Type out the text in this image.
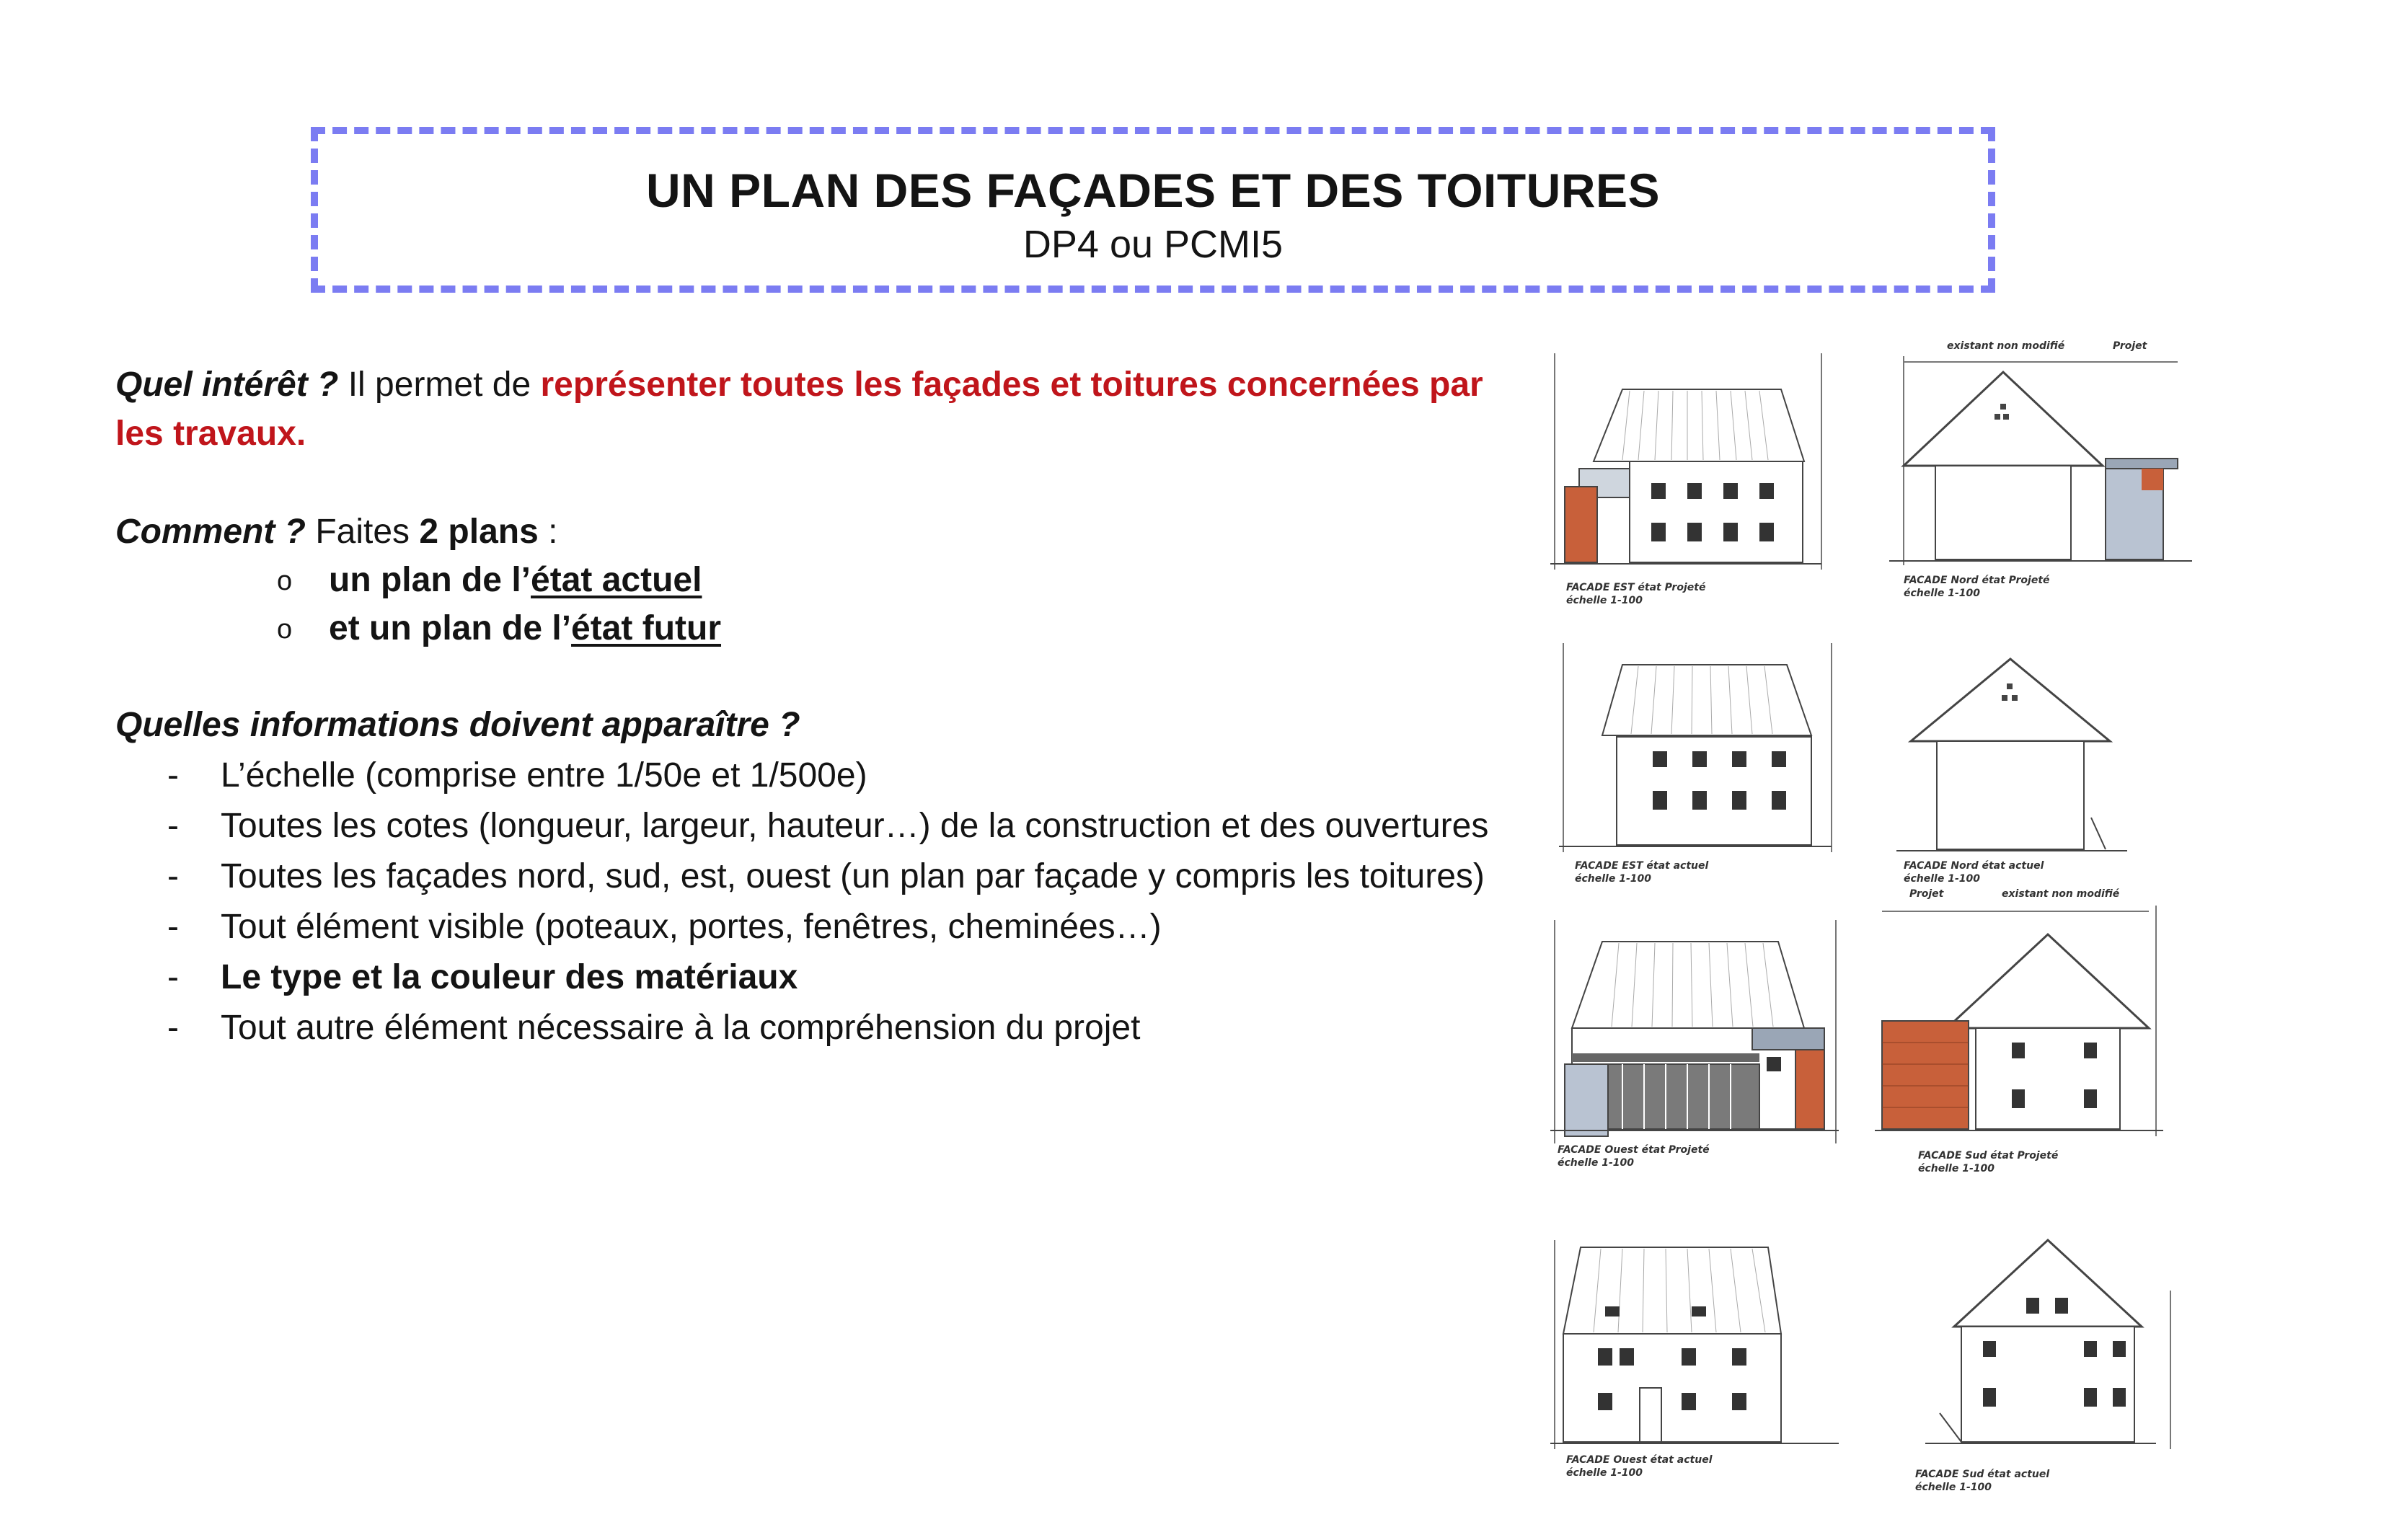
UN PLAN DES FAÇADES ET DES TOITURES
DP4 ou PCMI5
Quel intérêt ? Il permet de représenter toutes les façades et toitures concernées par
les travaux.
Comment ? Faites 2 plans :
o un plan de l’état actuel
o et un plan de l’état futur
Quelles informations doivent apparaître ?
- L’échelle (comprise entre 1/50e et 1/500e)
- Toutes les cotes (longueur, largeur, hauteur…) de la construction et des ouvertures
- Toutes les façades nord, sud, est, ouest (un plan par façade y compris les toitures)
- Tout élément visible (poteaux, portes, fenêtres, cheminées…)
- Le type et la couleur des matériaux
- Tout autre élément nécessaire à la compréhension du projet
FACADE EST état Projeté
échelle 1-100
existant non modifié	Projet
FACADE Nord état Projeté
échelle 1-100
FACADE EST état actuel
échelle 1-100
FACADE Nord état actuel
échelle 1-100
FACADE Ouest état Projeté
échelle 1-100
Projet	existant non modifié
FACADE Sud état Projeté
échelle 1-100
FACADE Ouest état actuel
échelle 1-100	FACADE Sud état actuel
échelle 1-100
